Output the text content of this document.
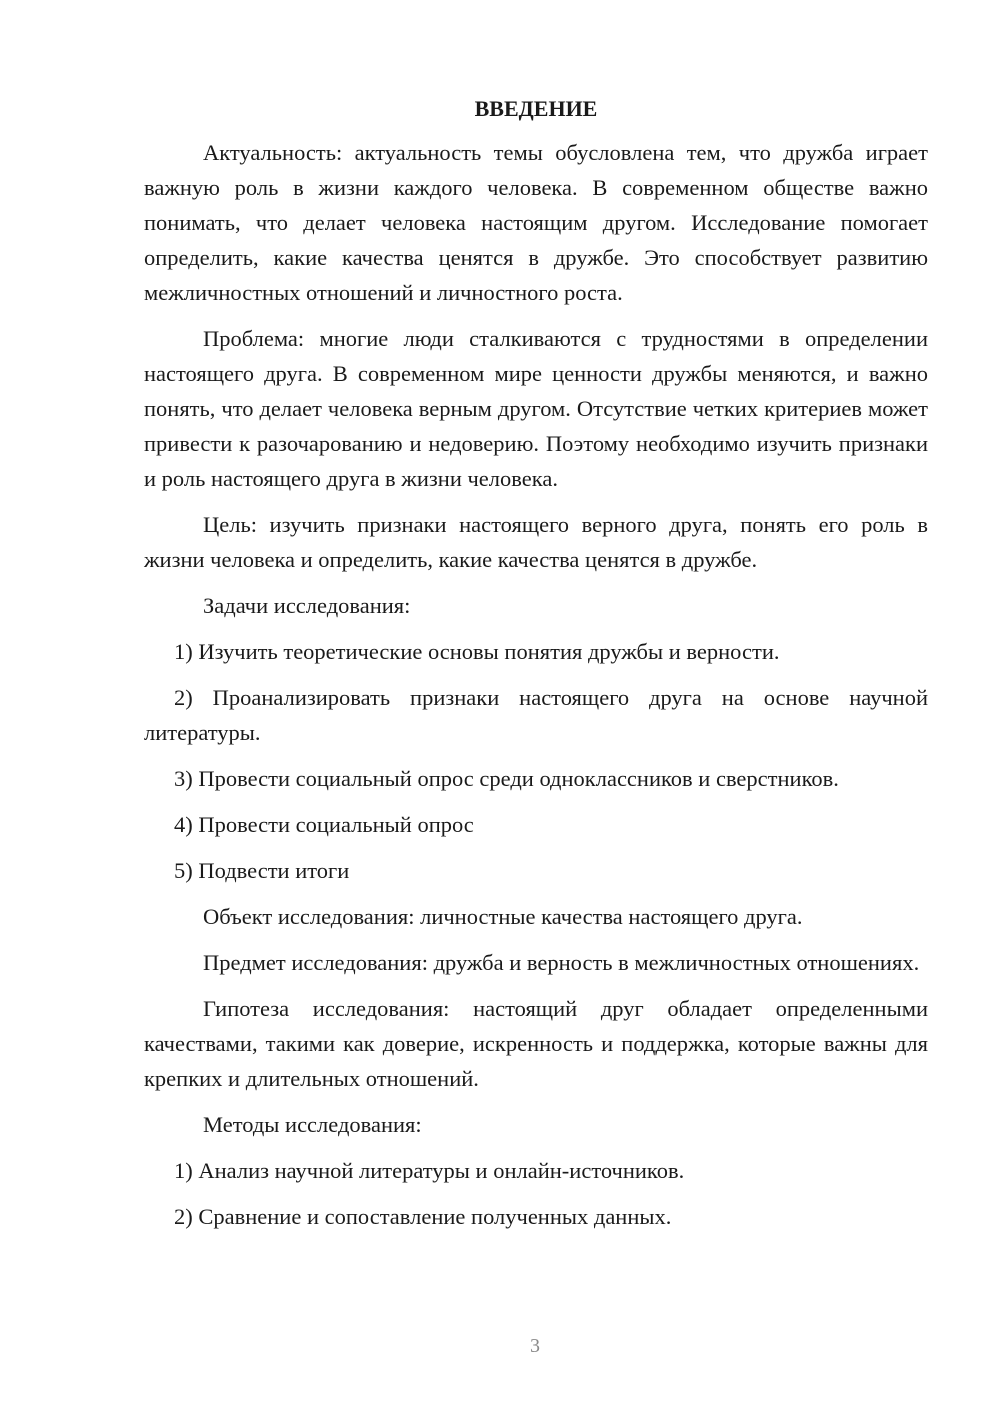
ВВЕДЕНИЕ

Актуальность: актуальность темы обусловлена тем, что дружба играет важную роль в жизни каждого человека. В современном обществе важно понимать, что делает человека настоящим другом. Исследование помогает определить, какие качества ценятся в дружбе. Это способствует развитию межличностных отношений и личностного роста.

Проблема: многие люди сталкиваются с трудностями в определении настоящего друга. В современном мире ценности дружбы меняются, и важно понять, что делает человека верным другом. Отсутствие четких критериев может привести к разочарованию и недоверию. Поэтому необходимо изучить признаки и роль настоящего друга в жизни человека.

Цель: изучить признаки настоящего верного друга, понять его роль в жизни человека и определить, какие качества ценятся в дружбе.

Задачи исследования:

1) Изучить теоретические основы понятия дружбы и верности.

2) Проанализировать признаки настоящего друга на основе научной литературы.

3) Провести социальный опрос среди одноклассников и сверстников.

4) Провести социальный опрос

5) Подвести итоги

Объект исследования: личностные качества настоящего друга.

Предмет исследования: дружба и верность в межличностных отношениях.

Гипотеза исследования: настоящий друг обладает определенными качествами, такими как доверие, искренность и поддержка, которые важны для крепких и длительных отношений.

Методы исследования:

1) Анализ научной литературы и онлайн-источников.

2) Сравнение и сопоставление полученных данных.

3
